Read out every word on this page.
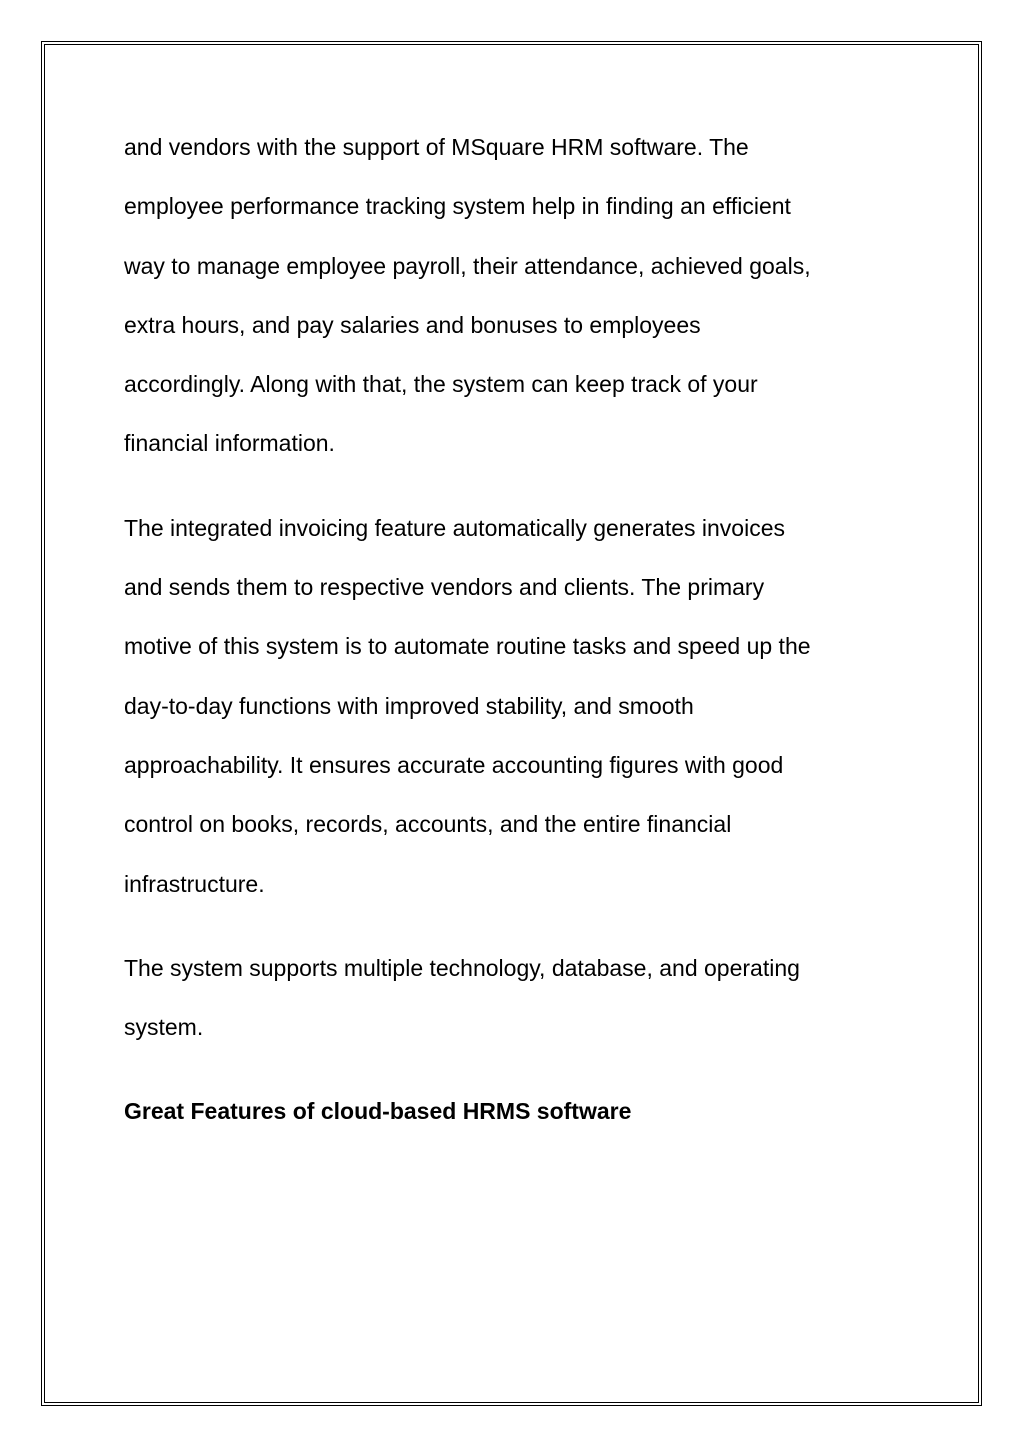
and vendors with the support of MSquare HRM software. The
employee performance tracking system help in finding an efficient
way to manage employee payroll, their attendance, achieved goals,
extra hours, and pay salaries and bonuses to employees
accordingly. Along with that, the system can keep track of your
financial information.

The integrated invoicing feature automatically generates invoices
and sends them to respective vendors and clients. The primary
motive of this system is to automate routine tasks and speed up the
day-to-day functions with improved stability, and smooth
approachability. It ensures accurate accounting figures with good
control on books, records, accounts, and the entire financial
infrastructure.

The system supports multiple technology, database, and operating
system.

Great Features of cloud-based HRMS software
